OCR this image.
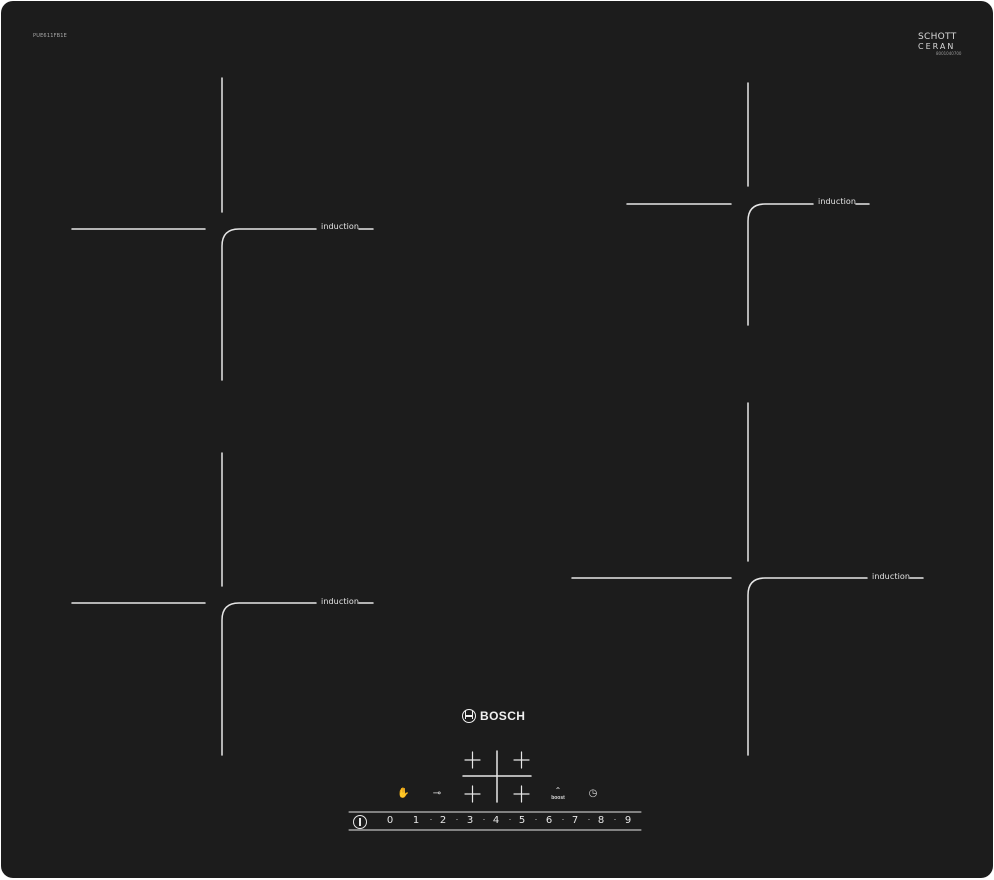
PUE611FB1E	SCHOTT
CERAN
8001040700
induction
induction
induction
induction
BOSCH
✋ ⊸	⌃
boost	◷
0 1	· 2	· 3	· 4	· 5	· 6	· 7	· 8	· 9
